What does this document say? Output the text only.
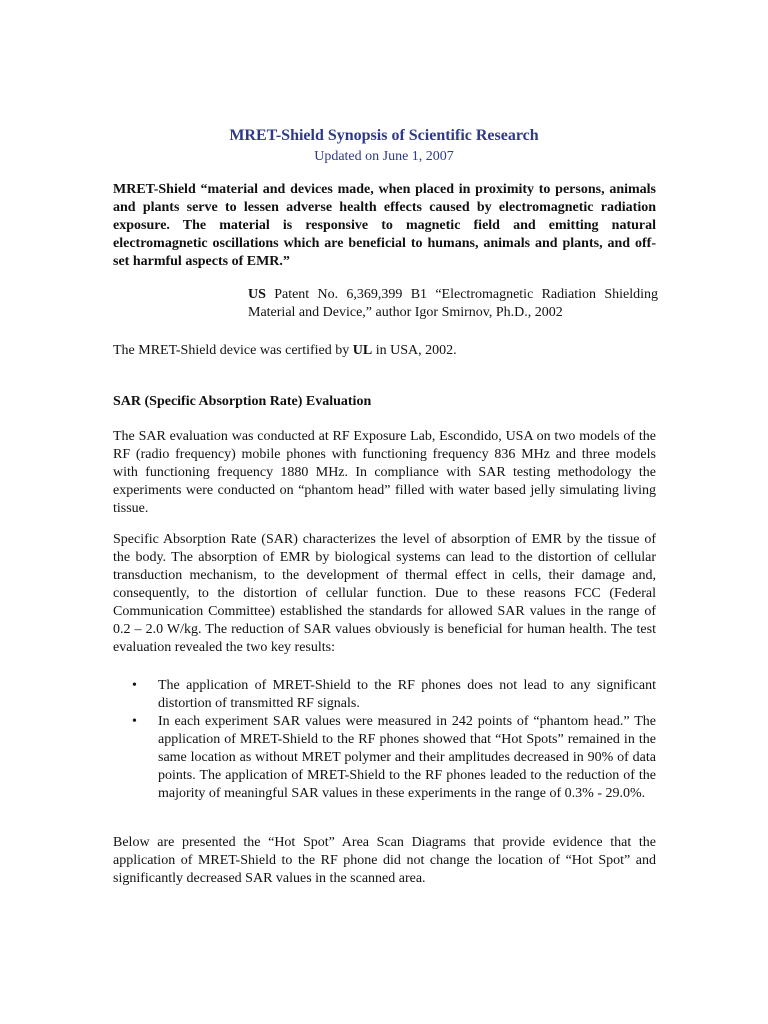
MRET-Shield Synopsis of Scientific Research
Updated on June 1, 2007
MRET-Shield “material and devices made, when placed in proximity to persons, animals and plants serve to lessen adverse health effects caused by electromagnetic radiation exposure. The material is responsive to magnetic field and emitting natural electromagnetic oscillations which are beneficial to humans, animals and plants, and off-set harmful aspects of EMR.”
US Patent No. 6,369,399 B1 “Electromagnetic Radiation Shielding Material and Device,” author Igor Smirnov, Ph.D., 2002
The MRET-Shield device was certified by UL in USA, 2002.
SAR (Specific Absorption Rate) Evaluation
The SAR evaluation was conducted at RF Exposure Lab, Escondido, USA on two models of the RF (radio frequency) mobile phones with functioning frequency 836 MHz and three models with functioning frequency 1880 MHz. In compliance with SAR testing methodology the experiments were conducted on “phantom head” filled with water based jelly simulating living tissue.
Specific Absorption Rate (SAR) characterizes the level of absorption of EMR by the tissue of the body. The absorption of EMR by biological systems can lead to the distortion of cellular transduction mechanism, to the development of thermal effect in cells, their damage and, consequently, to the distortion of cellular function. Due to these reasons FCC (Federal Communication Committee) established the standards for allowed SAR values in the range of 0.2 – 2.0 W/kg. The reduction of SAR values obviously is beneficial for human health. The test evaluation revealed the two key results:
• The application of MRET-Shield to the RF phones does not lead to any significant distortion of transmitted RF signals.
• In each experiment SAR values were measured in 242 points of “phantom head.” The application of MRET-Shield to the RF phones showed that “Hot Spots” remained in the same location as without MRET polymer and their amplitudes decreased in 90% of data points. The application of MRET-Shield to the RF phones leaded to the reduction of the majority of meaningful SAR values in these experiments in the range of 0.3% - 29.0%.
Below are presented the “Hot Spot” Area Scan Diagrams that provide evidence that the application of MRET-Shield to the RF phone did not change the location of “Hot Spot” and significantly decreased SAR values in the scanned area.
